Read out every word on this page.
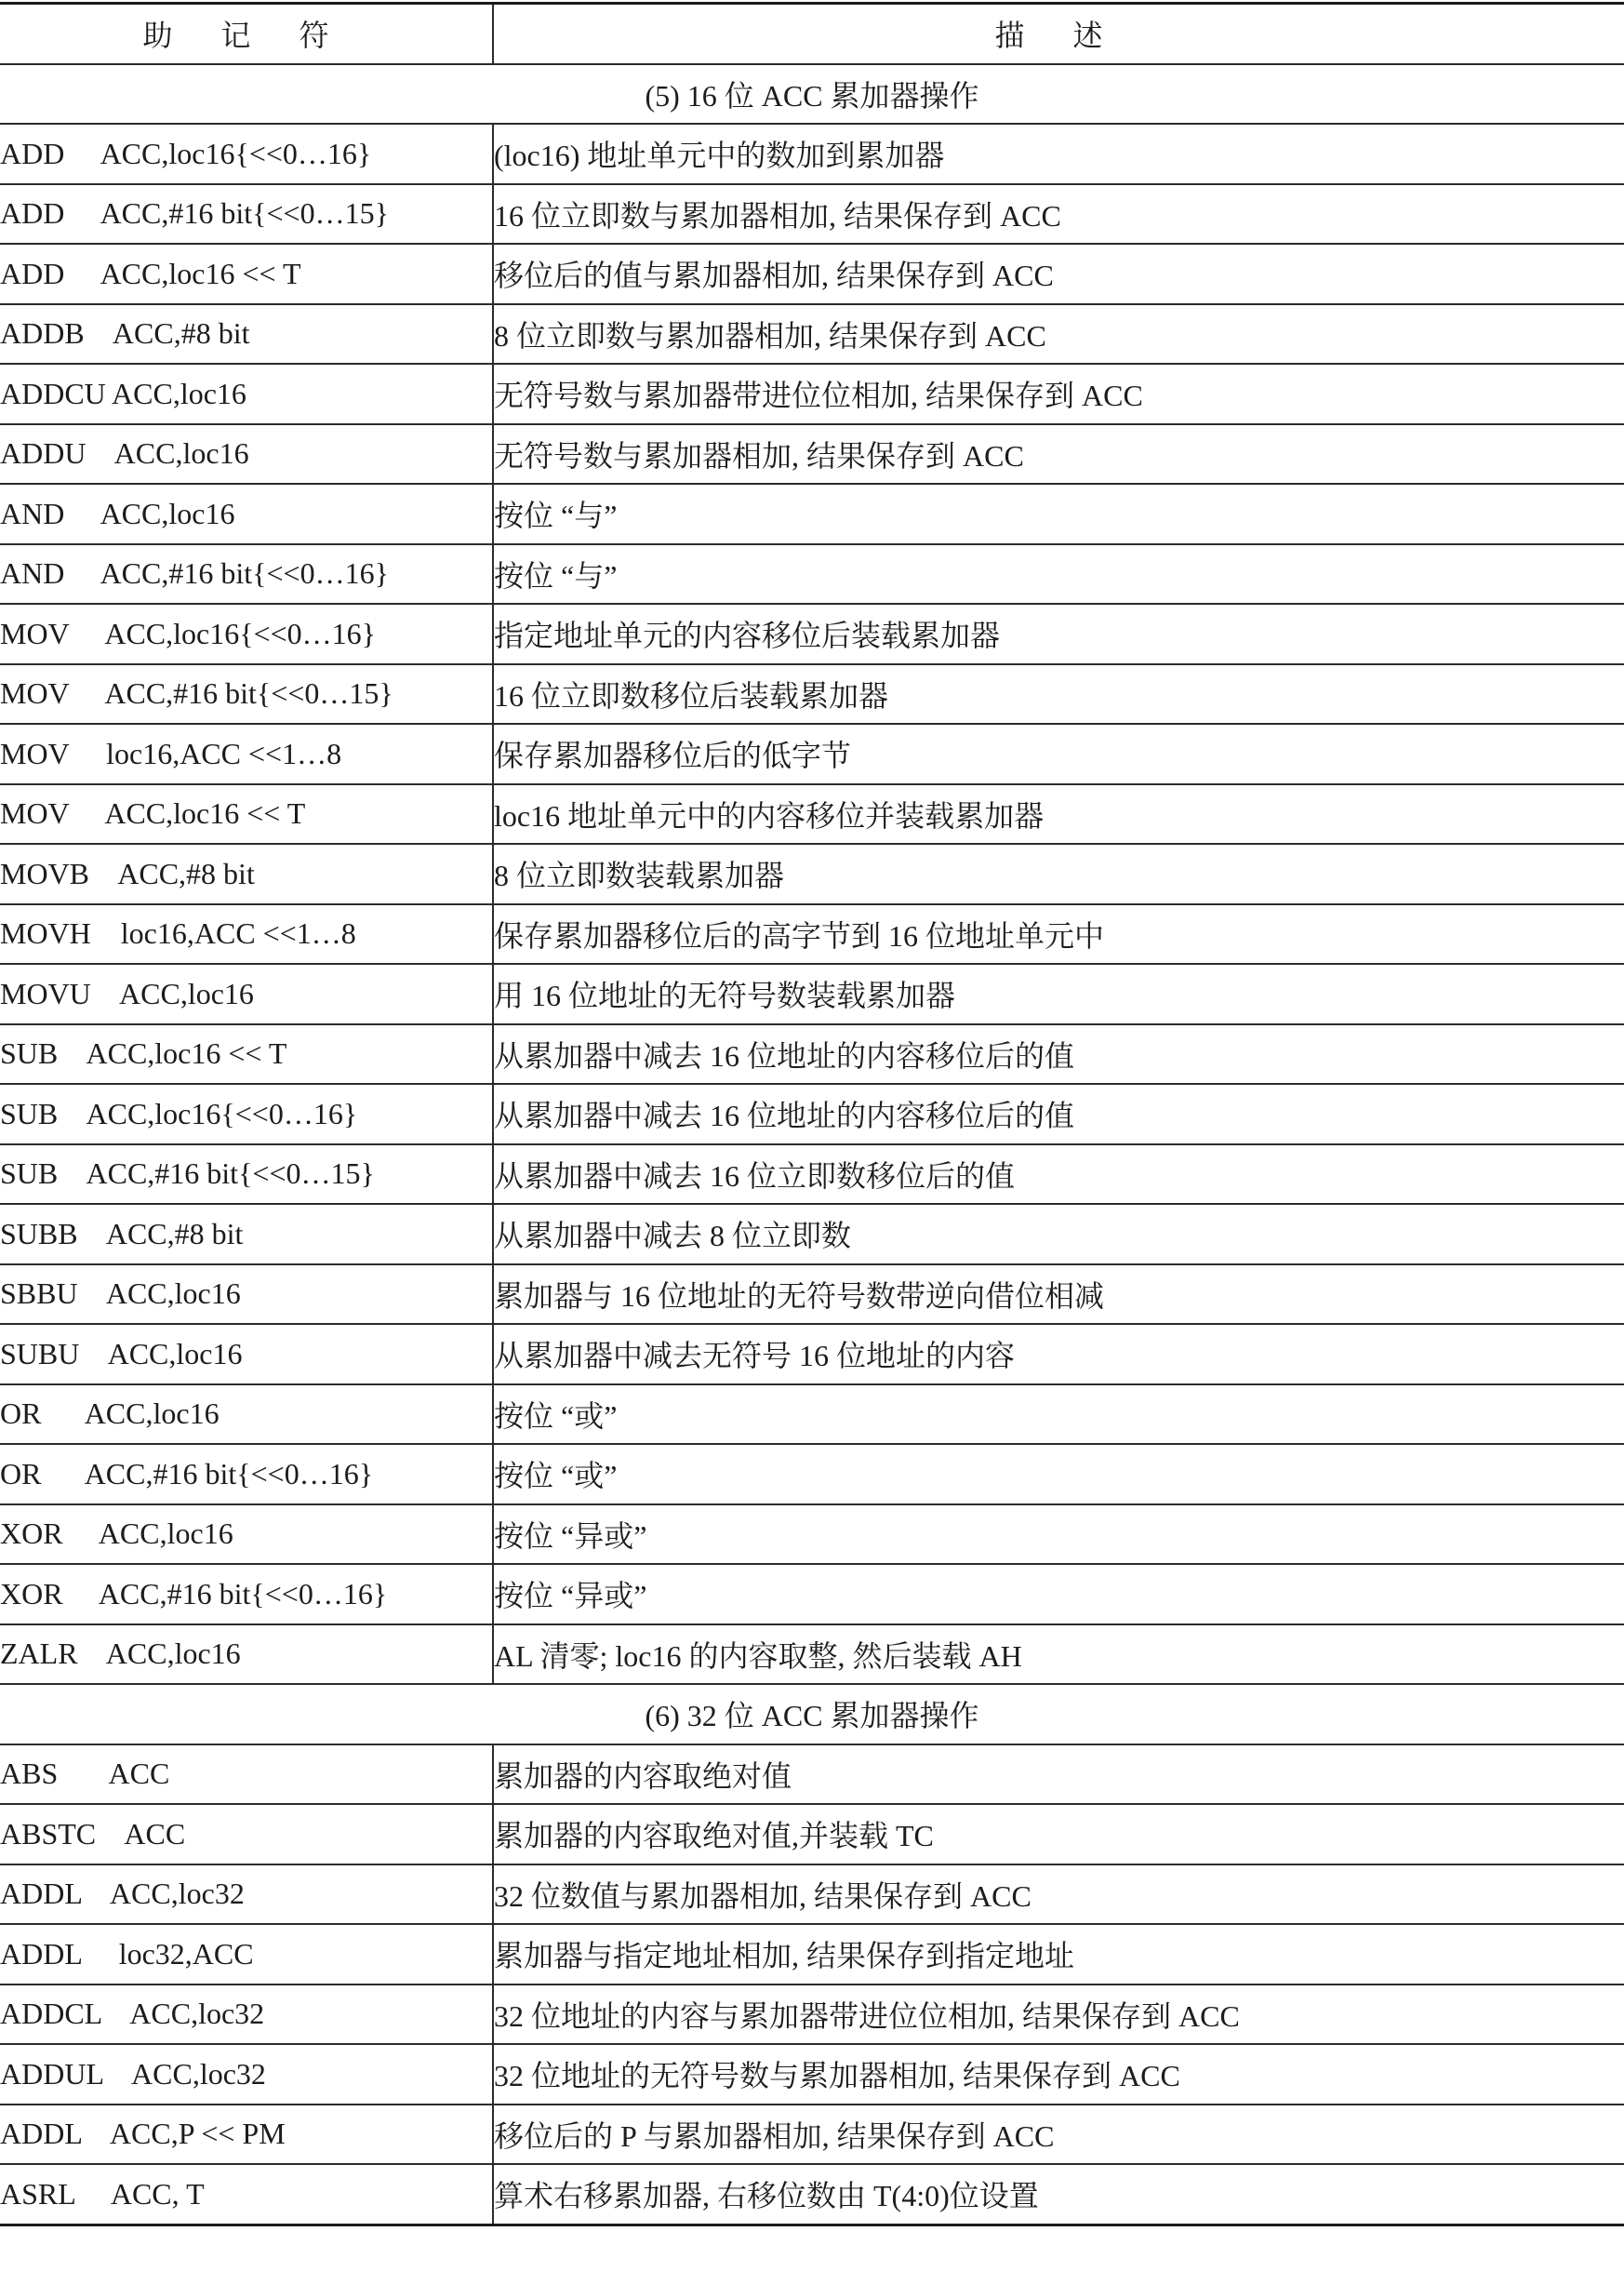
助 记 符	描 述
(5) 16 位 ACC 累加器操作	
ADD     ACC,loc16{<<0…16}	(loc16) 地址单元中的数加到累加器
ADD     ACC,#16 bit{<<0…15}	16 位立即数与累加器相加, 结果保存到 ACC
ADD     ACC,loc16 << T	移位后的值与累加器相加, 结果保存到 ACC
ADDB    ACC,#8 bit	8 位立即数与累加器相加, 结果保存到 ACC
ADDCU ACC,loc16	无符号数与累加器带进位位相加, 结果保存到 ACC
ADDU    ACC,loc16	无符号数与累加器相加, 结果保存到 ACC
AND     ACC,loc16	按位 “与”
AND     ACC,#16 bit{<<0…16}	按位 “与”
MOV     ACC,loc16{<<0…16}	指定地址单元的内容移位后装载累加器
MOV     ACC,#16 bit{<<0…15}	16 位立即数移位后装载累加器
MOV     loc16,ACC <<1…8	保存累加器移位后的低字节
MOV     ACC,loc16 << T	loc16 地址单元中的内容移位并装载累加器
MOVB    ACC,#8 bit	8 位立即数装载累加器
MOVH    loc16,ACC <<1…8	保存累加器移位后的高字节到 16 位地址单元中
MOVU    ACC,loc16	用 16 位地址的无符号数装载累加器
SUB    ACC,loc16 << T	从累加器中减去 16 位地址的内容移位后的值
SUB    ACC,loc16{<<0…16}	从累加器中减去 16 位地址的内容移位后的值
SUB    ACC,#16 bit{<<0…15}	从累加器中减去 16 位立即数移位后的值
SUBB    ACC,#8 bit	从累加器中减去 8 位立即数
SBBU    ACC,loc16	累加器与 16 位地址的无符号数带逆向借位相减
SUBU    ACC,loc16	从累加器中减去无符号 16 位地址的内容
OR      ACC,loc16	按位 “或”
OR      ACC,#16 bit{<<0…16}	按位 “或”
XOR     ACC,loc16	按位 “异或”
XOR     ACC,#16 bit{<<0…16}	按位 “异或”
ZALR    ACC,loc16	AL 清零; loc16 的内容取整, 然后装载 AH
(6) 32 位 ACC 累加器操作	
ABS       ACC	累加器的内容取绝对值
ABSTC    ACC	累加器的内容取绝对值,并装载 TC
ADDL    ACC,loc32	32 位数值与累加器相加, 结果保存到 ACC
ADDL     loc32,ACC	累加器与指定地址相加, 结果保存到指定地址
ADDCL    ACC,loc32	32 位地址的内容与累加器带进位位相加, 结果保存到 ACC
ADDUL    ACC,loc32	32 位地址的无符号数与累加器相加, 结果保存到 ACC
ADDL    ACC,P << PM	移位后的 P 与累加器相加, 结果保存到 ACC
ASRL     ACC, T	算术右移累加器, 右移位数由 T(4:0)位设置
